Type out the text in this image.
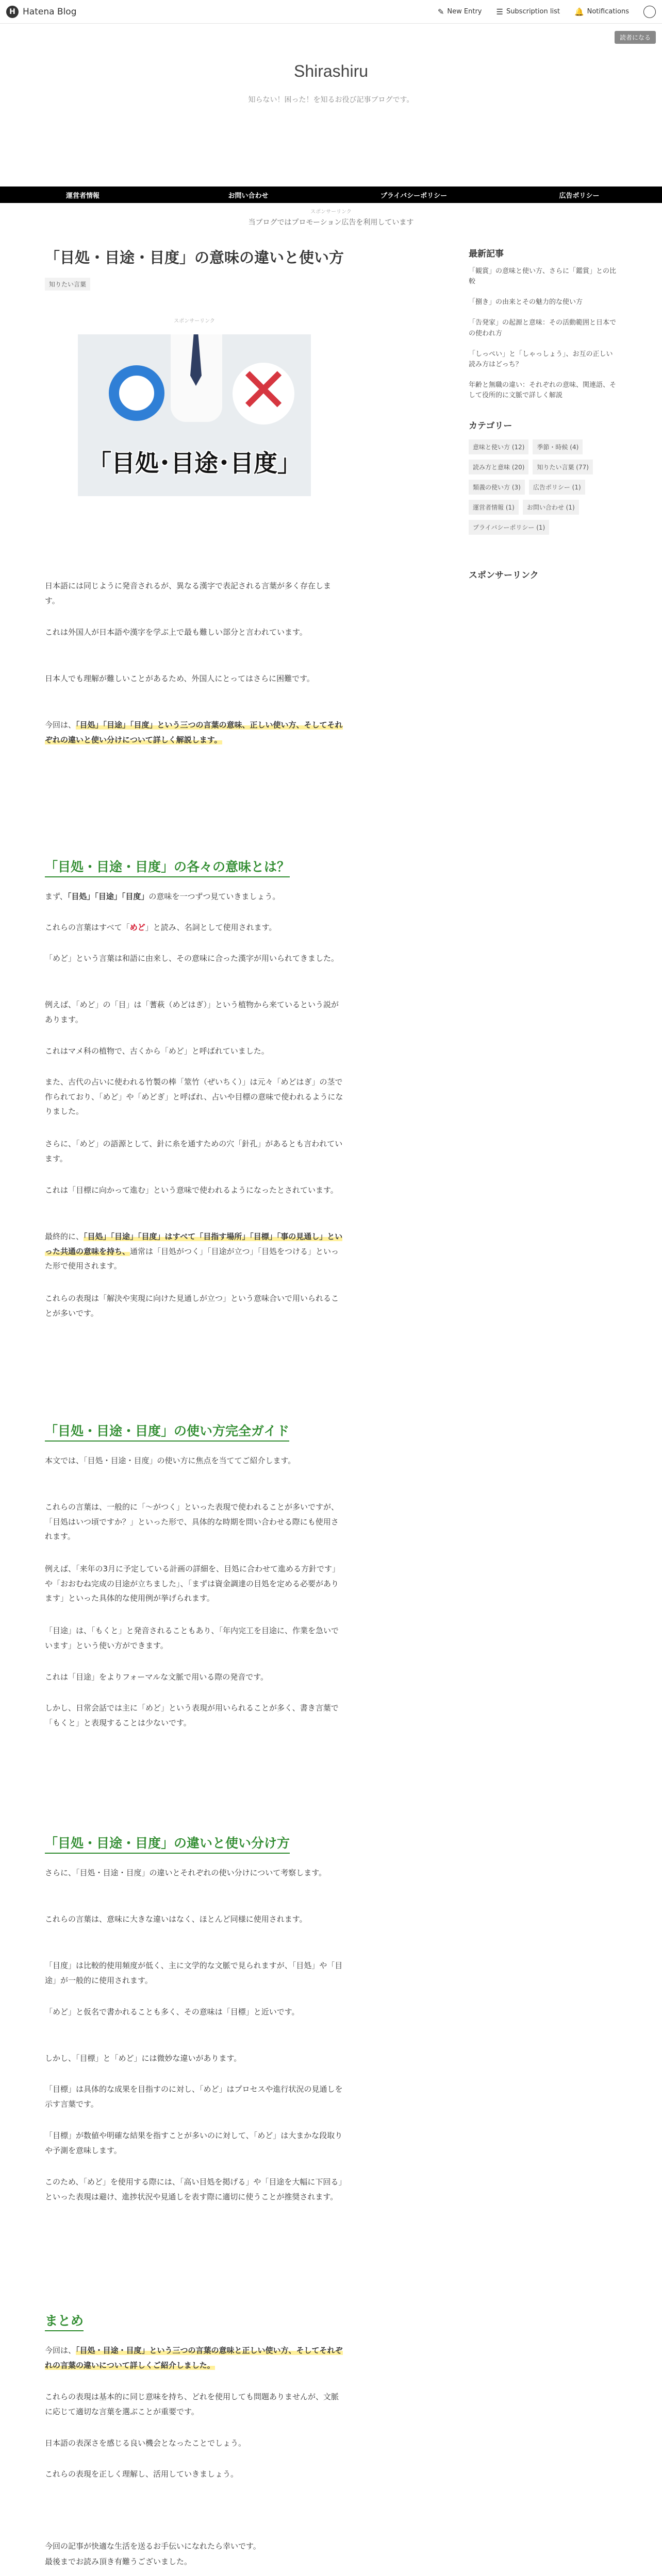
H Hatena Blog	✎ New Entry ☰ Subscription list 🔔 Notifications
読者になる
Shirashiru
知らない！困った！を知るお役び記事ブログです。
運営者情報	お問い合わせ	プライバシーポリシー	広告ポリシー
スポンサーリンク
当ブログではプロモーション広告を利用しています
「目処・目途・目度」の意味の違いと使い方
知りたい言葉
スポンサーリンク
✕
「目処･目途･目度」

日本語には同じように発音されるが、異なる漢字で表記される言葉が多く存在します。

これは外国人が日本語や漢字を学ぶ上で最も難しい部分と言われています。

日本人でも理解が難しいことがあるため、外国人にとってはさらに困難です。

今回は、「目処」「目途」「目度」という三つの言葉の意味、正しい使い方、そしてそれぞれの違いと使い分けについて詳しく解説します。

「目処・目途・目度」の各々の意味とは？

まず、「目処」「目途」「目度」の意味を一つずつ見ていきましょう。

これらの言葉はすべて「めど」と読み、名詞として使用されます。

「めど」という言葉は和語に由来し、その意味に合った漢字が用いられてきました。

例えば、「めど」の「目」は「蓍萩（めどはぎ）」という植物から来ているという説があります。

これはマメ科の植物で、古くから「めど」と呼ばれていました。

また、古代の占いに使われる竹製の棒「筮竹（ぜいちく）」は元々「めどはぎ」の茎で作られており、「めど」や「めどぎ」と呼ばれ、占いや目標の意味で使われるようになりました。

さらに、「めど」の語源として、針に糸を通すための穴「針孔」があるとも言われています。

これは「目標に向かって進む」という意味で使われるようになったとされています。

最終的に、「目処」「目途」「目度」はすべて「目指す場所」「目標」「事の見通し」といった共通の意味を持ち、通常は「目処がつく」「目途が立つ」「目処をつける」といった形で使用されます。

これらの表現は「解決や実現に向けた見通しが立つ」という意味合いで用いられることが多いです。

「目処・目途・目度」の使い方完全ガイド

本文では、「目処・目途・目度」の使い方に焦点を当ててご紹介します。

これらの言葉は、一般的に「〜がつく」といった表現で使われることが多いですが、「目処はいつ頃ですか？」といった形で、具体的な時期を問い合わせる際にも使用されます。

例えば、「来年の3月に予定している計画の詳細を、目処に合わせて進める方針です」や「おおむね完成の目途が立ちました」、「まずは資金調達の目処を定める必要があります」といった具体的な使用例が挙げられます。

「目途」は、「もくと」と発音されることもあり、「年内完工を目途に、作業を急いでいます」という使い方ができます。

これは「目途」をよりフォーマルな文脈で用いる際の発音です。

しかし、日常会話では主に「めど」という表現が用いられることが多く、書き言葉で「もくと」と表現することは少ないです。

「目処・目途・目度」の違いと使い分け方

さらに、「目処・目途・目度」の違いとそれぞれの使い分けについて考察します。

これらの言葉は、意味に大きな違いはなく、ほとんど同様に使用されます。

「目度」は比較的使用頻度が低く、主に文学的な文脈で見られますが、「目処」や「目途」が一般的に使用されます。

「めど」と仮名で書かれることも多く、その意味は「目標」と近いです。

しかし、「目標」と「めど」には微妙な違いがあります。

「目標」は具体的な成果を目指すのに対し、「めど」はプロセスや進行状況の見通しを示す言葉です。

「目標」が数値や明確な結果を指すことが多いのに対して、「めど」は大まかな段取りや予測を意味します。

このため、「めど」を使用する際には、「高い目処を掲げる」や「目途を大幅に下回る」といった表現は避け、進捗状況や見通しを表す際に適切に使うことが推奨されます。

まとめ

今回は、「目処・目途・目度」という三つの言葉の意味と正しい使い方、そしてそれぞれの言葉の違いについて詳しくご紹介しました。

これらの表現は基本的に同じ意味を持ち、どれを使用しても問題ありませんが、文脈に応じて適切な言葉を選ぶことが重要です。

日本語の表深さを感じる良い機会となったことでしょう。

これらの表現を正しく理解し、活用していきましょう。

今回の記事が快適な生活を送るお手伝いになれたら幸いです。

最後までお読み頂き有難うございました。

最新記事
「観賞」の意味と使い方、さらに「鑑賞」との比較
「捌き」の由来とその魅力的な使い方
「告発家」の起源と意味：その活動範囲と日本での使われ方
「しっぺい」と「しゃっしょう」、お互の正しい読み方はどっち？
年齢と無職の違い：それぞれの意味、関連語、そして役所的に文脈で詳しく解説
カテゴリー
意味と使い方 (12)	季節・時候 (4)
読み方と意味 (20)	知りたい言葉 (77)
類義の使い方 (3)	広告ポリシー (1)
運営者情報 (1)	お問い合わせ (1)
プライバシーポリシー (1)
スポンサーリンク
